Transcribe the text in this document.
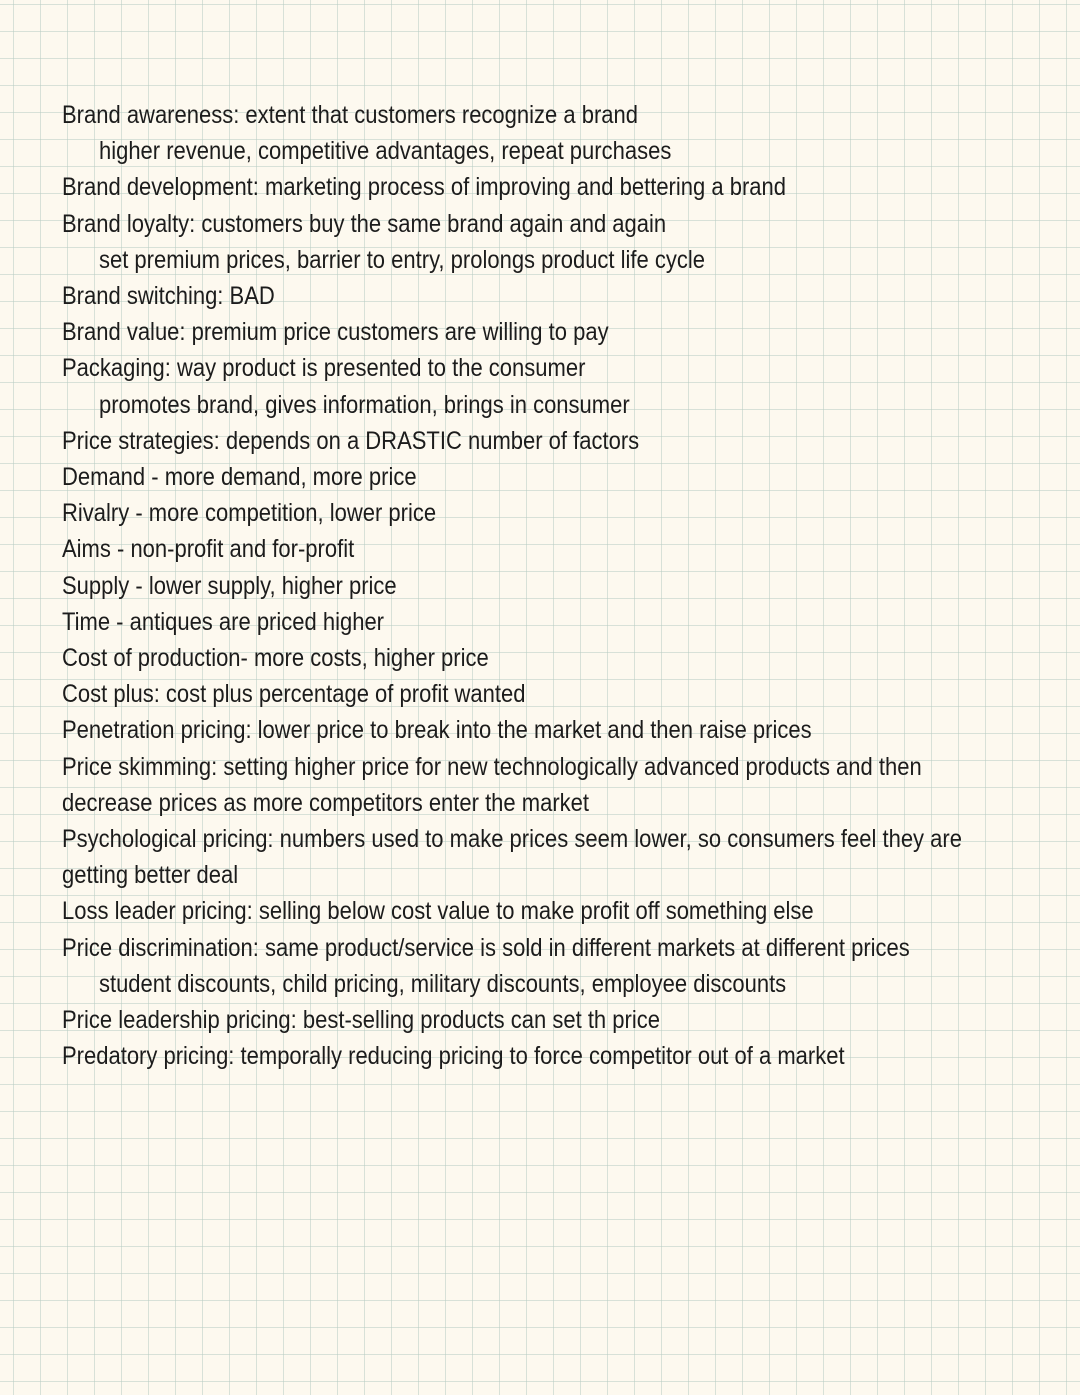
Brand awareness: extent that customers recognize a brand
higher revenue, competitive advantages, repeat purchases
Brand development: marketing process of improving and bettering a brand
Brand loyalty: customers buy the same brand again and again
set premium prices, barrier to entry, prolongs product life cycle
Brand switching: BAD
Brand value: premium price customers are willing to pay
Packaging: way product is presented to the consumer
promotes brand, gives information, brings in consumer
Price strategies: depends on a DRASTIC number of factors
Demand - more demand, more price
Rivalry - more competition, lower price
Aims - non-profit and for-profit
Supply - lower supply, higher price
Time - antiques are priced higher
Cost of production- more costs, higher price
Cost plus: cost plus percentage of profit wanted
Penetration pricing: lower price to break into the market and then raise prices
Price skimming: setting higher price for new technologically advanced products and then
decrease prices as more competitors enter the market
Psychological pricing: numbers used to make prices seem lower, so consumers feel they are
getting better deal
Loss leader pricing: selling below cost value to make profit off something else
Price discrimination: same product/service is sold in different markets at different prices
student discounts, child pricing, military discounts, employee discounts
Price leadership pricing: best-selling products can set th price
Predatory pricing: temporally reducing pricing to force competitor out of a market
